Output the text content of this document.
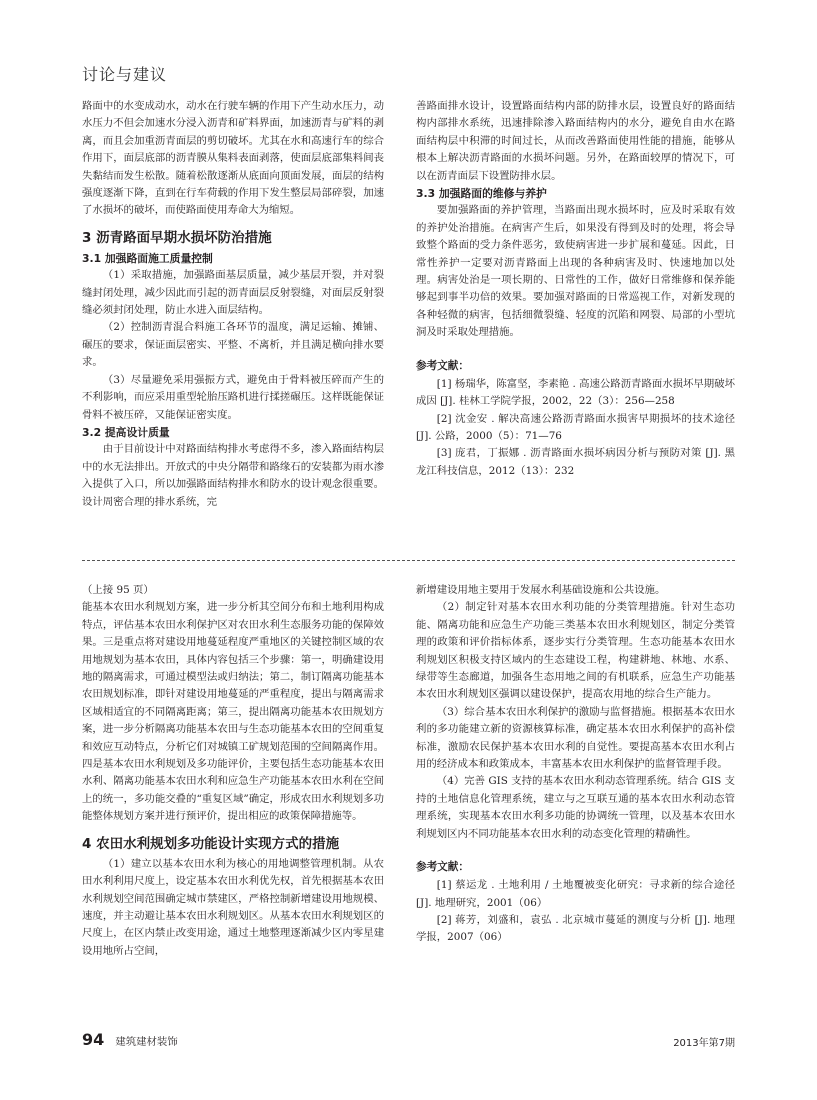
讨论与建议

路面中的水变成动水，动水在行驶车辆的作用下产生动水压力，动水压力不但会加速水分浸入沥青和矿料界面，加速沥青与矿料的剥离，而且会加重沥青面层的剪切破坏。尤其在水和高速行车的综合作用下，面层底部的沥青膜从集料表面剥落，使面层底部集料间丧失黏结而发生松散。随着松散逐渐从底面向顶面发展，面层的结构强度逐渐下降，直到在行车荷载的作用下发生整层局部碎裂，加速了水损坏的破坏，而使路面使用寿命大为缩短。

3 沥青路面早期水损坏防治措施
3.1 加强路面施工质量控制

（1）采取措施，加强路面基层质量，减少基层开裂，并对裂缝封闭处理，减少因此而引起的沥青面层反射裂缝，对面层反射裂缝必须封闭处理，防止水进入面层结构。

（2）控制沥青混合料施工各环节的温度，满足运输、摊铺、碾压的要求，保证面层密实、平整、不离析，并且满足横向排水要求。

（3）尽量避免采用强振方式，避免由于骨料被压碎而产生的不利影响，而应采用重型轮胎压路机进行揉搓碾压。这样既能保证骨料不被压碎，又能保证密实度。

3.2 提高设计质量

由于目前设计中对路面结构排水考虑得不多，渗入路面结构层中的水无法排出。开放式的中央分隔带和路缘石的安装都为雨水渗入提供了入口，所以加强路面结构排水和防水的设计观念很重要。设计周密合理的排水系统，完

善路面排水设计，设置路面结构内部的防排水层，设置良好的路面结构内部排水系统，迅速排除渗入路面结构内的水分，避免自由水在路面结构层中积滞的时间过长，从而改善路面使用性能的措施，能够从根本上解决沥青路面的水损坏问题。另外，在路面较厚的情况下，可以在沥青面层下设置防排水层。

3.3 加强路面的维修与养护

要加强路面的养护管理，当路面出现水损坏时，应及时采取有效的养护处治措施。在病害产生后，如果没有得到及时的处理，将会导致整个路面的受力条件恶劣，致使病害进一步扩展和蔓延。因此，日常性养护一定要对沥青路面上出现的各种病害及时、快速地加以处理。病害处治是一项长期的、日常性的工作，做好日常维修和保养能够起到事半功倍的效果。要加强对路面的日常巡视工作，对新发现的各种轻微的病害，包括细微裂缝、轻度的沉陷和网裂、局部的小型坑洞及时采取处理措施。

参考文献：

[1] 杨瑞华，陈富坚，李素艳 . 高速公路沥青路面水损坏早期破坏成因 [J]. 桂林工学院学报，2002，22（3）：256—258

[2] 沈金安 . 解决高速公路沥青路面水损害早期损坏的技术途径 [J]. 公路，2000（5）：71—76

[3] 庞君，丁振娜 . 沥青路面水损坏病因分析与预防对策 [J]. 黑龙江科技信息，2012（13）：232

（上接 95 页）

能基本农田水利规划方案，进一步分析其空间分布和土地利用构成特点，评估基本农田水利保护区对农田水利生态服务功能的保障效果。三是重点将对建设用地蔓延程度严重地区的关键控制区域的农用地规划为基本农田，具体内容包括三个步骤：第一，明确建设用地的隔离需求，可通过模型法或归纳法；第二，制订隔离功能基本农田规划标准，即针对建设用地蔓延的严重程度，提出与隔离需求区域相适宜的不同隔离距离；第三，提出隔离功能基本农田规划方案，进一步分析隔离功能基本农田与生态功能基本农田的空间重复和效应互动特点，分析它们对城镇工矿规划范围的空间隔离作用。四是基本农田水利规划及多功能评价，主要包括生态功能基本农田水利、隔离功能基本农田水利和应急生产功能基本农田水利在空间上的统一，多功能交叠的“重复区域”确定，形成农田水利规划多功能整体规划方案并进行预评价，提出相应的政策保障措施等。

4 农田水利规划多功能设计实现方式的措施

（1）建立以基本农田水利为核心的用地调整管理机制。从农田水利利用尺度上，设定基本农田水利优先权，首先根据基本农田水利规划空间范围确定城市禁建区，严格控制新增建设用地规模、速度，并主动避让基本农田水利规划区。从基本农田水利规划区的尺度上，在区内禁止改变用途，通过土地整理逐渐减少区内零星建设用地所占空间，

新增建设用地主要用于发展水利基础设施和公共设施。

（2）制定针对基本农田水利功能的分类管理措施。针对生态功能、隔离功能和应急生产功能三类基本农田水利规划区，制定分类管理的政策和评价指标体系，逐步实行分类管理。生态功能基本农田水利规划区积极支持区域内的生态建设工程，构建耕地、林地、水系、绿带等生态廊道，加强各生态用地之间的有机联系，应急生产功能基本农田水利规划区强调以建设保护，提高农用地的综合生产能力。

（3）综合基本农田水利保护的激励与监督措施。根据基本农田水利的多功能建立新的资源核算标准，确定基本农田水利保护的高补偿标准，激励农民保护基本农田水利的自觉性。要提高基本农田水利占用的经济成本和政策成本，丰富基本农田水利保护的监督管理手段。

（4）完善 GIS 支持的基本农田水利动态管理系统。结合 GIS 支持的土地信息化管理系统，建立与之互联互通的基本农田水利动态管理系统，实现基本农田水利多功能的协调统一管理，以及基本农田水利规划区内不同功能基本农田水利的动态变化管理的精确性。

参考文献：

[1] 蔡运龙 . 土地利用 / 土地覆被变化研究：寻求新的综合途径 [J]. 地理研究，2001（06）

[2] 蒋芳，刘盛和，袁弘 . 北京城市蔓延的测度与分析 [J]. 地理学报，2007（06）

94 建筑建材装饰	2013年第7期
